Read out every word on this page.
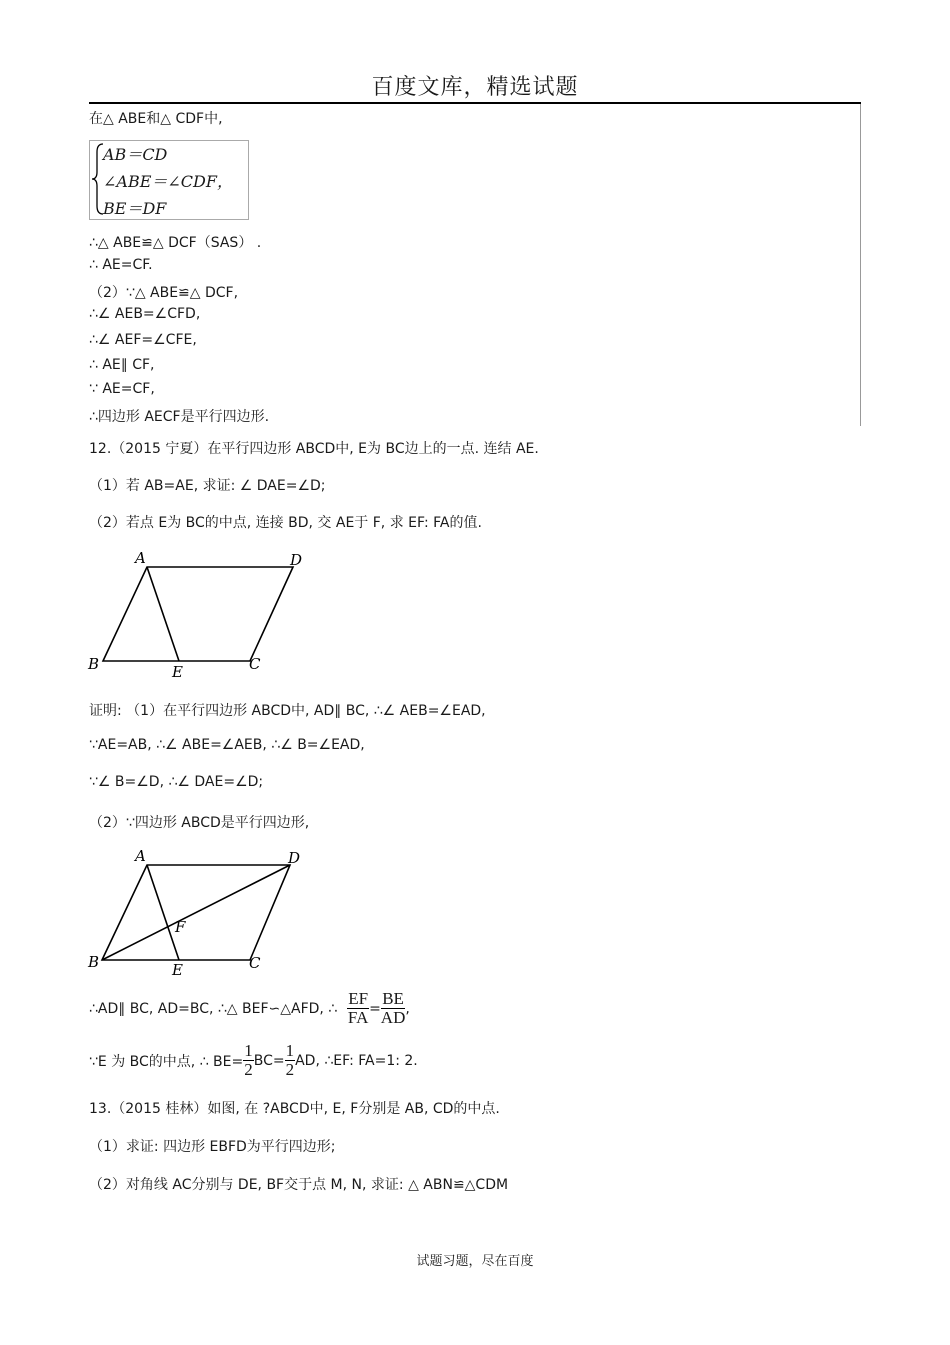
百度文库，精选试题
在△ ABE和△ CDF中,
AB＝CD
∠ABE＝∠CDF，
BE＝DF
∴△ ABE≌△ DCF（SAS） .
∴ AE=CF.
（2）∵△ ABE≌△ DCF,
∴∠ AEB=∠CFD,
∴∠ AEF=∠CFE,
∴ AE∥ CF,
∵ AE=CF,
∴四边形 AECF是平行四边形.
12.（2015 宁夏）在平行四边形 ABCD中, E为 BC边上的一点. 连结 AE.
（1）若 AB=AE, 求证: ∠ DAE=∠D;
（2）若点 E为 BC的中点, 连接 BD, 交 AE于 F, 求 EF: FA的值.
A	D
B	E	C
证明: （1）在平行四边形 ABCD中, AD∥ BC, ∴∠ AEB=∠EAD,
∵AE=AB, ∴∠ ABE=∠AEB, ∴∠ B=∠EAD,
∵∠ B=∠D, ∴∠ DAE=∠D;
（2）∵四边形 ABCD是平行四边形,
A	D
F
B	E	C
∴AD∥ BC, AD=BC, ∴△ BEF∽△AFD, ∴ $\frac{EF}{FA} = \frac{BE}{AD}$ ,
∵E 为 BC的中点, ∴ $BE= \frac{1}{2} BC= \frac{1}{2}$ AD, ∴EF: FA=1: 2.
13.（2015 桂林）如图, 在 ?ABCD中, E, F分别是 AB, CD的中点.
（1）求证: 四边形 EBFD为平行四边形;
（2）对角线 AC分别与 DE, BF交于点 M, N, 求证: △ ABN≌△CDM
试题习题，尽在百度
